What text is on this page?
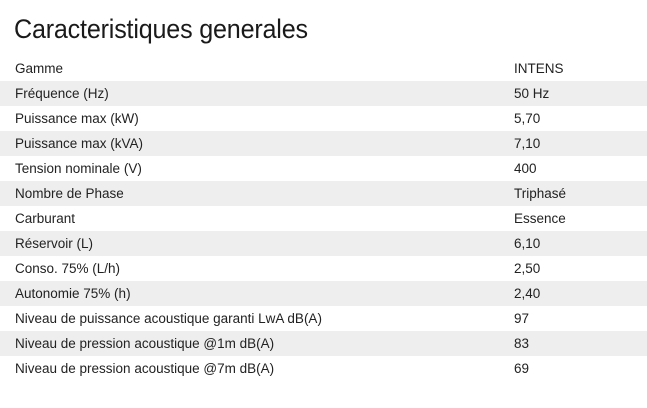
Caracteristiques generales
Gamme	INTENS
Fréquence (Hz)	50 Hz
Puissance max (kW)	5,70
Puissance max (kVA)	7,10
Tension nominale (V)	400
Nombre de Phase	Triphasé
Carburant	Essence
Réservoir (L)	6,10
Conso. 75% (L/h)	2,50
Autonomie 75% (h)	2,40
Niveau de puissance acoustique garanti LwA dB(A)	97
Niveau de pression acoustique @1m dB(A)	83
Niveau de pression acoustique @7m dB(A)	69
